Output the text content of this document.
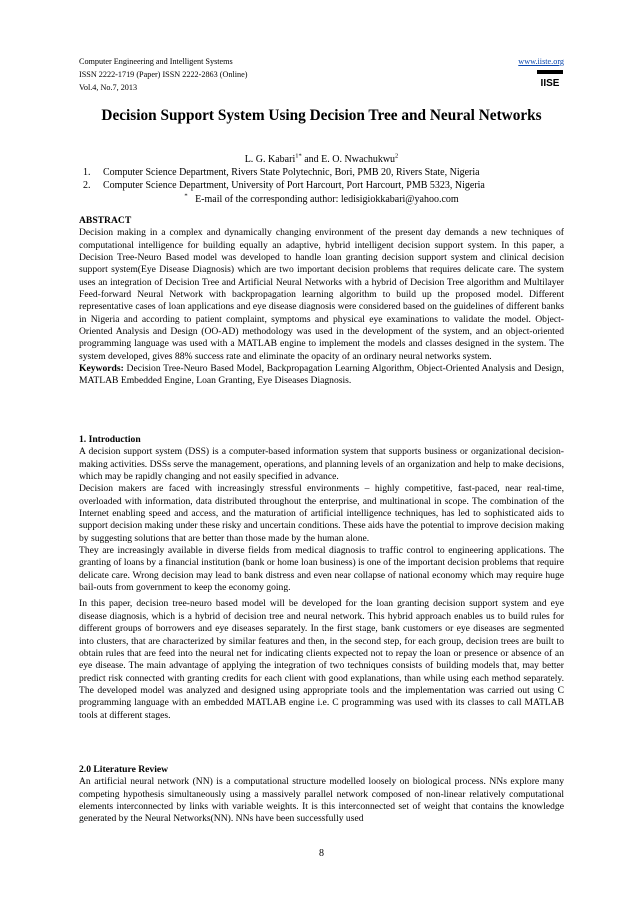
Computer Engineering and Intelligent Systems
ISSN 2222-1719 (Paper) ISSN 2222-2863 (Online)
Vol.4, No.7, 2013
www.iiste.org
IISE
Decision Support System Using Decision Tree and Neural Networks
L. G. Kabari$^{1*}$ and E. O. Nwachukwu$^2$
1. Computer Science Department, Rivers State Polytechnic, Bori, PMB 20, Rivers State, Nigeria
2. Computer Science Department, University of Port Harcourt, Port Harcourt, PMB 5323, Nigeria
* E-mail of the corresponding author: ledisigiokkabari@yahoo.com

ABSTRACT

Decision making in a complex and dynamically changing environment of the present day demands a new techniques of computational intelligence for building equally an adaptive, hybrid intelligent decision support system. In this paper, a Decision Tree-Neuro Based model was developed to handle loan granting decision support system and clinical decision support system(Eye Disease Diagnosis) which are two important decision problems that requires delicate care. The system uses an integration of Decision Tree and Artificial Neural Networks with a hybrid of Decision Tree algorithm and Multilayer Feed-forward Neural Network with backpropagation learning algorithm to build up the proposed model. Different representative cases of loan applications and eye disease diagnosis were considered based on the guidelines of different banks in Nigeria and according to patient complaint, symptoms and physical eye examinations to validate the model. Object-Oriented Analysis and Design (OO-AD) methodology was used in the development of the system, and an object-oriented programming language was used with a MATLAB engine to implement the models and classes designed in the system. The system developed, gives 88% success rate and eliminate the opacity of an ordinary neural networks system.

Keywords: Decision Tree-Neuro Based Model, Backpropagation Learning Algorithm, Object-Oriented Analysis and Design, MATLAB Embedded Engine, Loan Granting, Eye Diseases Diagnosis.

1. Introduction

A decision support system (DSS) is a computer-based information system that supports business or organizational decision-making activities. DSSs serve the management, operations, and planning levels of an organization and help to make decisions, which may be rapidly changing and not easily specified in advance.

Decision makers are faced with increasingly stressful environments – highly competitive, fast-paced, near real-time, overloaded with information, data distributed throughout the enterprise, and multinational in scope. The combination of the Internet enabling speed and access, and the maturation of artificial intelligence techniques, has led to sophisticated aids to support decision making under these risky and uncertain conditions. These aids have the potential to improve decision making by suggesting solutions that are better than those made by the human alone.

They are increasingly available in diverse fields from medical diagnosis to traffic control to engineering applications. The granting of loans by a financial institution (bank or home loan business) is one of the important decision problems that require delicate care. Wrong decision may lead to bank distress and even near collapse of national economy which may require huge bail-outs from government to keep the economy going.

In this paper, decision tree-neuro based model will be developed for the loan granting decision support system and eye disease diagnosis, which is a hybrid of decision tree and neural network. This hybrid approach enables us to build rules for different groups of borrowers and eye diseases separately. In the first stage, bank customers or eye diseases are segmented into clusters, that are characterized by similar features and then, in the second step, for each group, decision trees are built to obtain rules that are feed into the neural net for indicating clients expected not to repay the loan or presence or absence of an eye disease. The main advantage of applying the integration of two techniques consists of building models that, may better predict risk connected with granting credits for each client with good explanations, than while using each method separately. The developed model was analyzed and designed using appropriate tools and the implementation was carried out using C programming language with an embedded MATLAB engine i.e. C programming was used with its classes to call MATLAB tools at different stages.

2.0 Literature Review

An artificial neural network (NN) is a computational structure modelled loosely on biological process. NNs explore many competing hypothesis simultaneously using a massively parallel network composed of non-linear relatively computational elements interconnected by links with variable weights. It is this interconnected set of weight that contains the knowledge generated by the Neural Networks(NN). NNs have been successfully used

8
